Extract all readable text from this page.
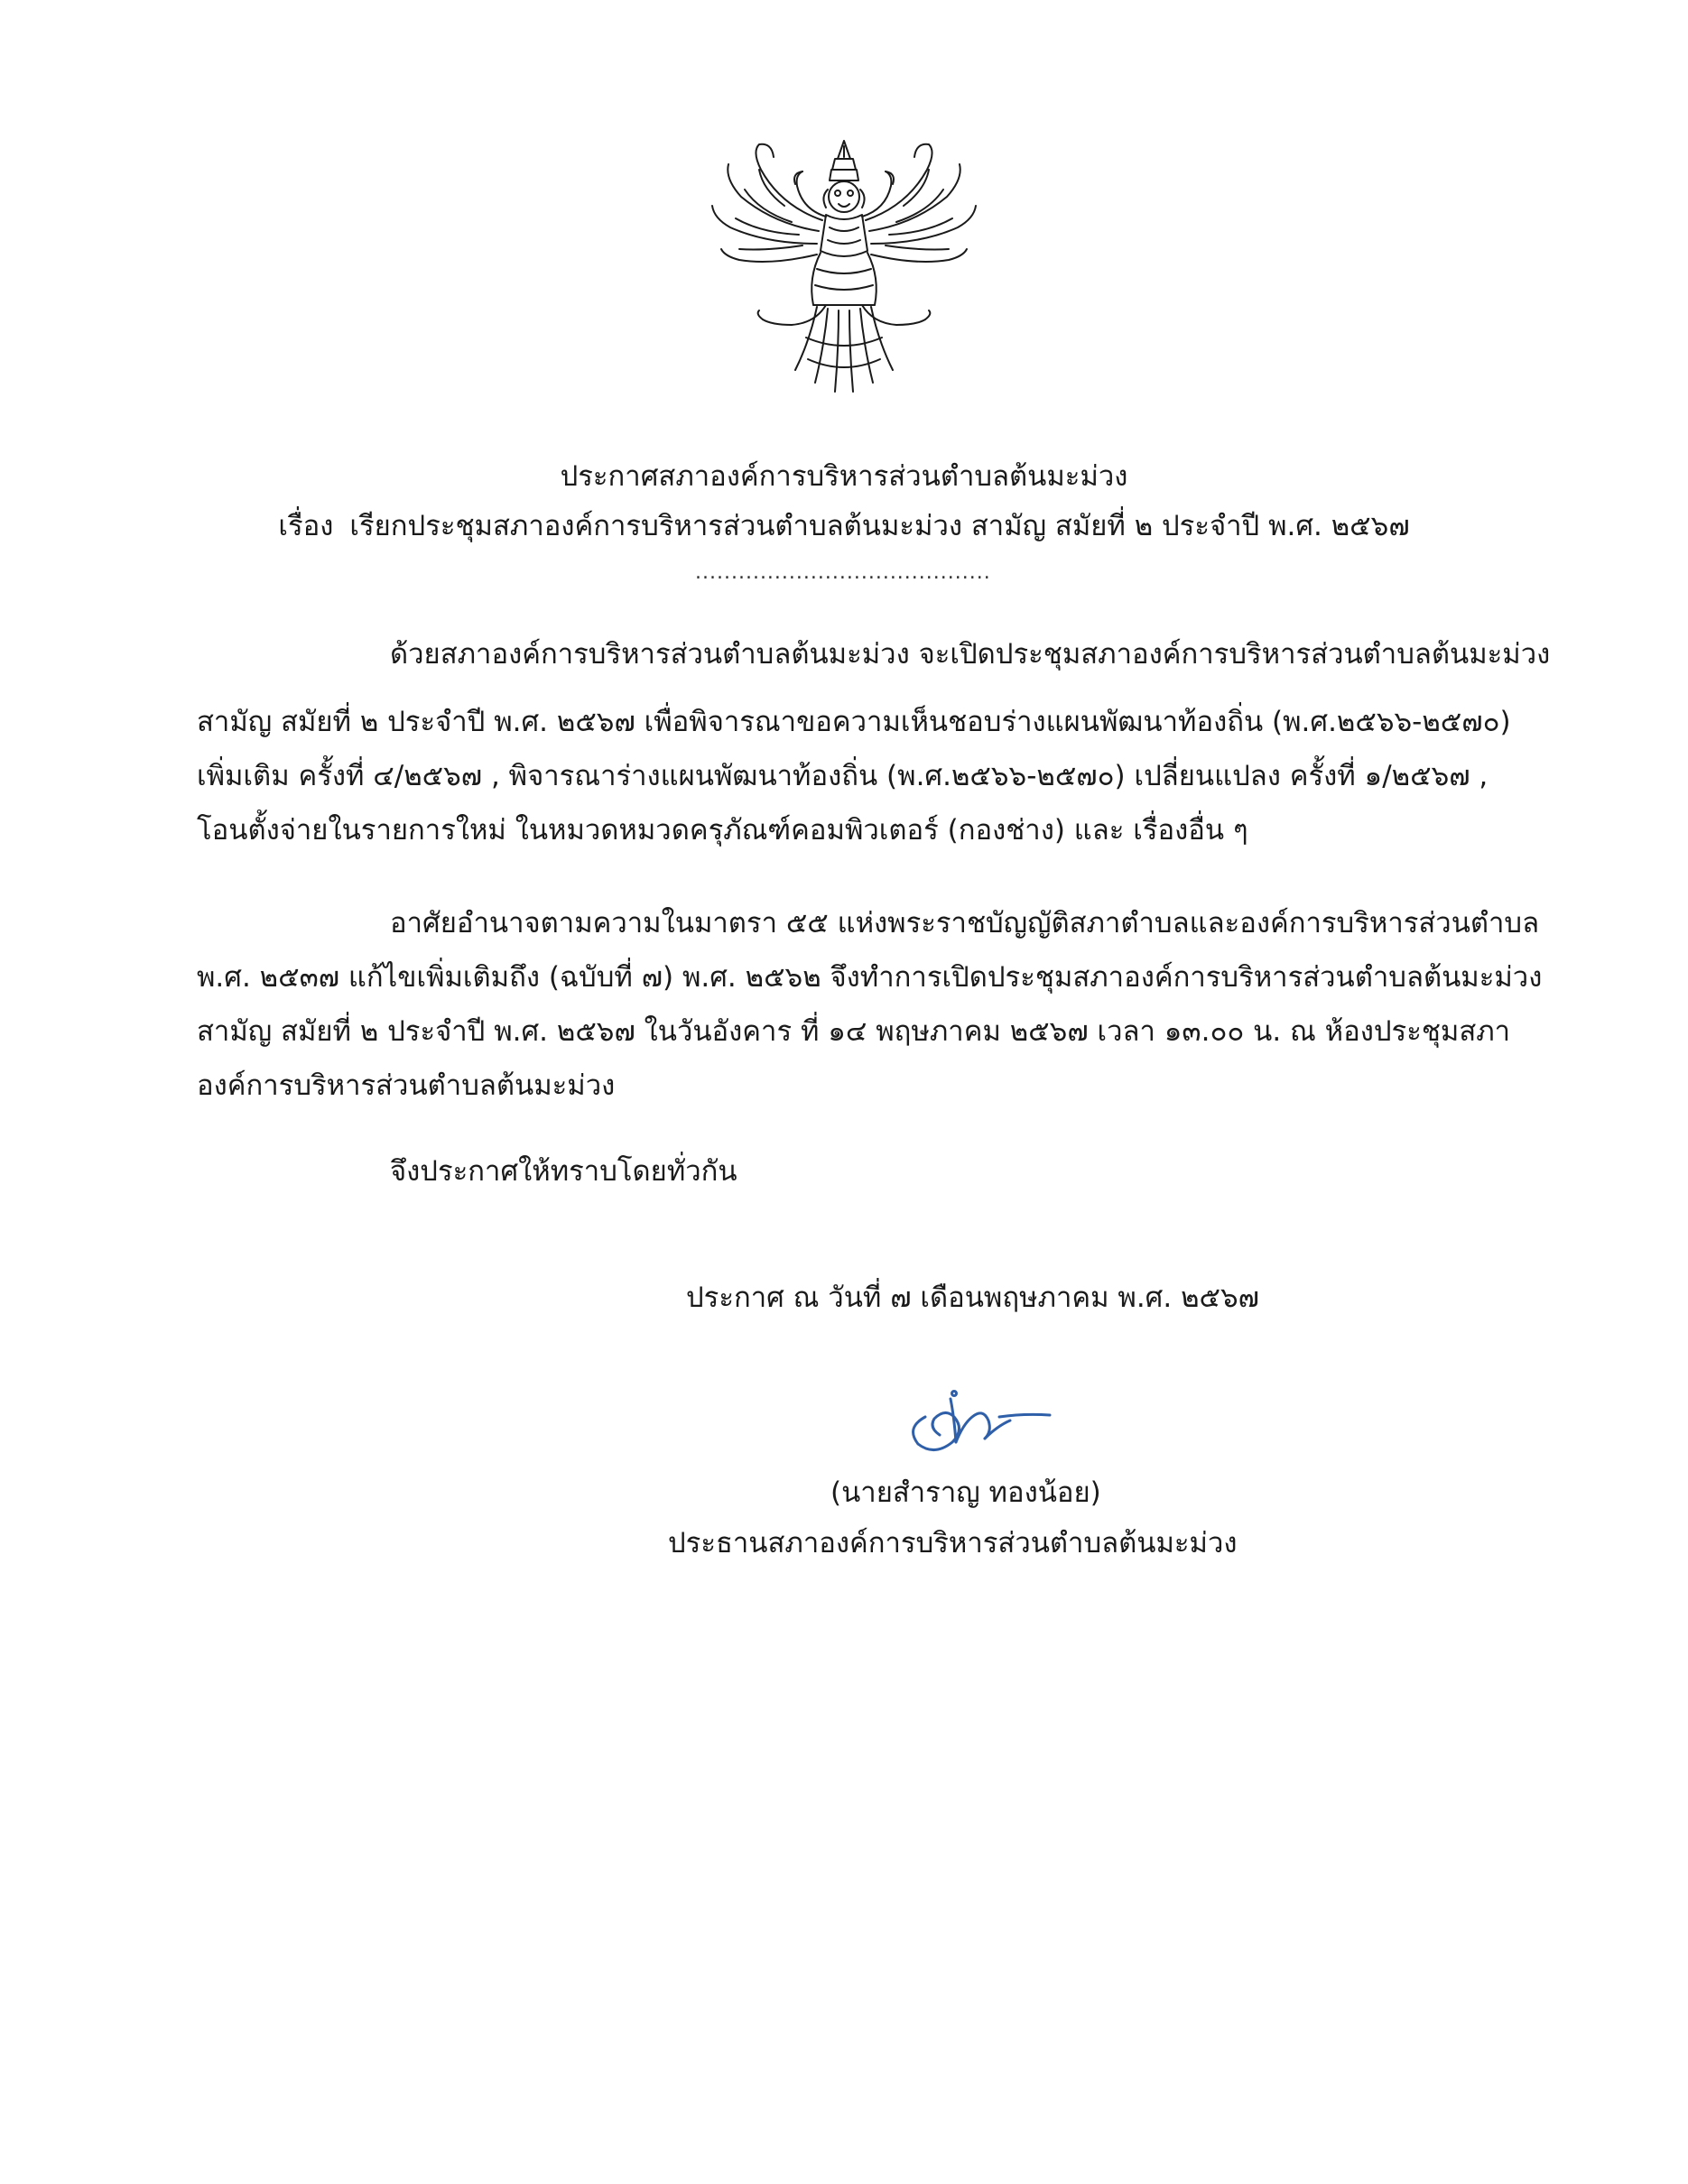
ประกาศสภาองค์การบริหารส่วนตำบลต้นมะม่วง
เรื่อง เรียกประชุมสภาองค์การบริหารส่วนตำบลต้นมะม่วง สามัญ สมัยที่ ๒ ประจำปี พ.ศ. ๒๕๖๗
.........................................
ด้วยสภาองค์การบริหารส่วนตำบลต้นมะม่วง จะเปิดประชุมสภาองค์การบริหารส่วนตำบลต้นมะม่วง
สามัญ สมัยที่ ๒ ประจำปี พ.ศ. ๒๕๖๗ เพื่อพิจารณาขอความเห็นชอบร่างแผนพัฒนาท้องถิ่น (พ.ศ.๒๕๖๖-๒๕๗๐)
เพิ่มเติม ครั้งที่ ๔/๒๕๖๗ , พิจารณาร่างแผนพัฒนาท้องถิ่น (พ.ศ.๒๕๖๖-๒๕๗๐) เปลี่ยนแปลง ครั้งที่ ๑/๒๕๖๗ ,
โอนตั้งจ่ายในรายการใหม่ ในหมวดหมวดครุภัณฑ์คอมพิวเตอร์ (กองช่าง) และ เรื่องอื่น ๆ
อาศัยอำนาจตามความในมาตรา ๕๕ แห่งพระราชบัญญัติสภาตำบลและองค์การบริหารส่วนตำบล
พ.ศ. ๒๕๓๗ แก้ไขเพิ่มเติมถึง (ฉบับที่ ๗) พ.ศ. ๒๕๖๒ จึงทำการเปิดประชุมสภาองค์การบริหารส่วนตำบลต้นมะม่วง
สามัญ สมัยที่ ๒ ประจำปี พ.ศ. ๒๕๖๗ ในวันอังคาร ที่ ๑๔ พฤษภาคม ๒๕๖๗ เวลา ๑๓.๐๐ น. ณ ห้องประชุมสภา
องค์การบริหารส่วนตำบลต้นมะม่วง
จึงประกาศให้ทราบโดยทั่วกัน
ประกาศ ณ วันที่ ๗ เดือนพฤษภาคม พ.ศ. ๒๕๖๗
(นายสำราญ ทองน้อย)
ประธานสภาองค์การบริหารส่วนตำบลต้นมะม่วง
